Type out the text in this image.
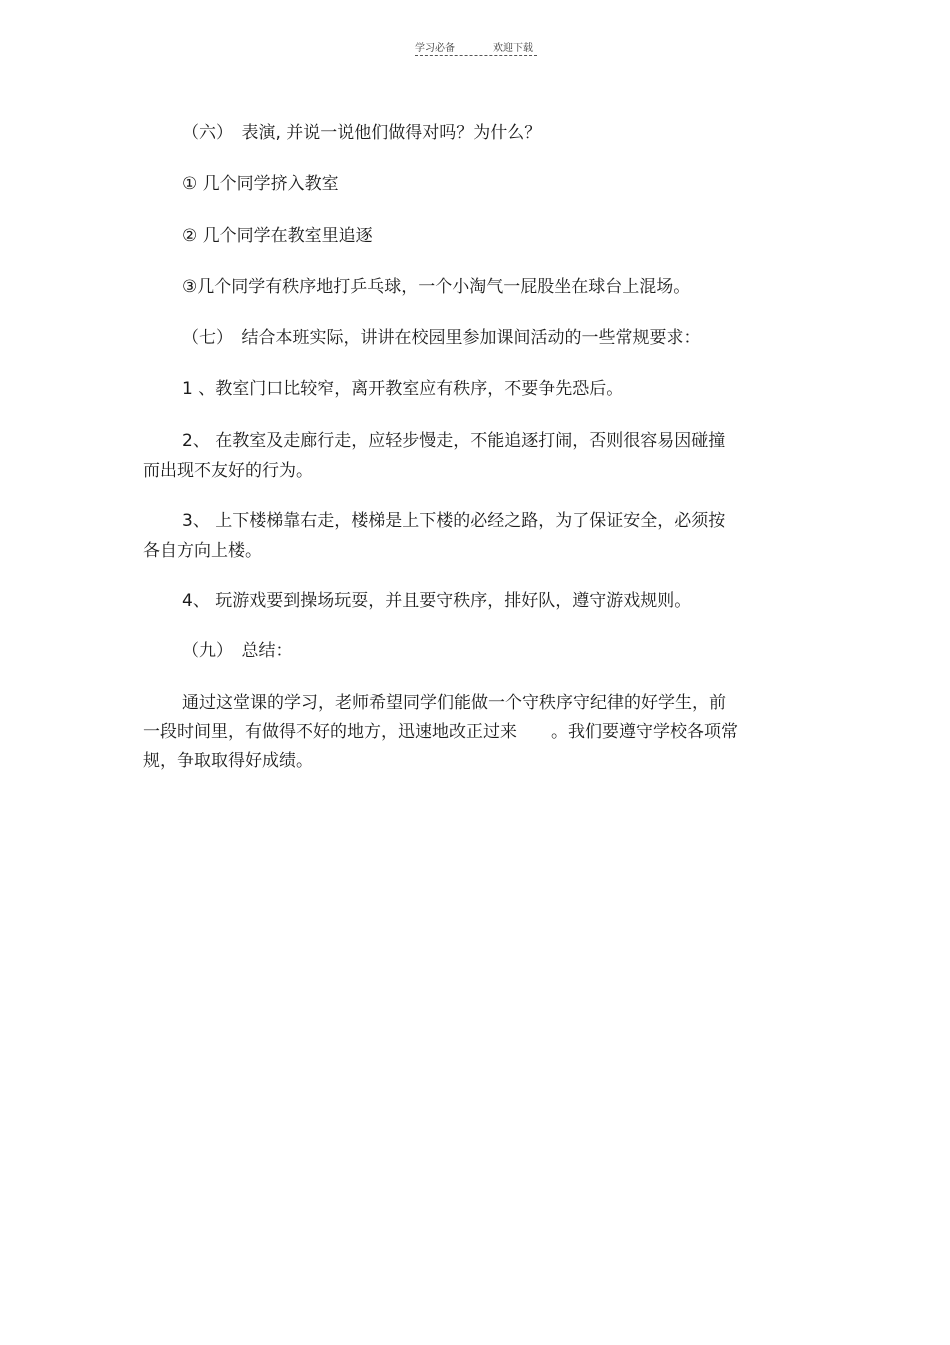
学习必备	欢迎下载
（六）　表演, 并说一说他们做得对吗？为什么？
① 几个同学挤入教室
② 几个同学在教室里追逐
③几个同学有秩序地打乒乓球，一个小淘气一屁股坐在球台上混场。
（七）　结合本班实际，讲讲在校园里参加课间活动的一些常规要求：
1 、教室门口比较窄，离开教室应有秩序，不要争先恐后。
2、 在教室及走廊行走，应轻步慢走，不能追逐打闹，否则很容易因碰撞
而出现不友好的行为。
3、 上下楼梯靠右走，楼梯是上下楼的必经之路，为了保证安全，必须按
各自方向上楼。
4、 玩游戏要到操场玩耍，并且要守秩序，排好队，遵守游戏规则。
（九）　总结：
通过这堂课的学习，老师希望同学们能做一个守秩序守纪律的好学生，前
一段时间里，有做得不好的地方，迅速地改正过来　　。我们要遵守学校各项常
规，争取取得好成绩。
